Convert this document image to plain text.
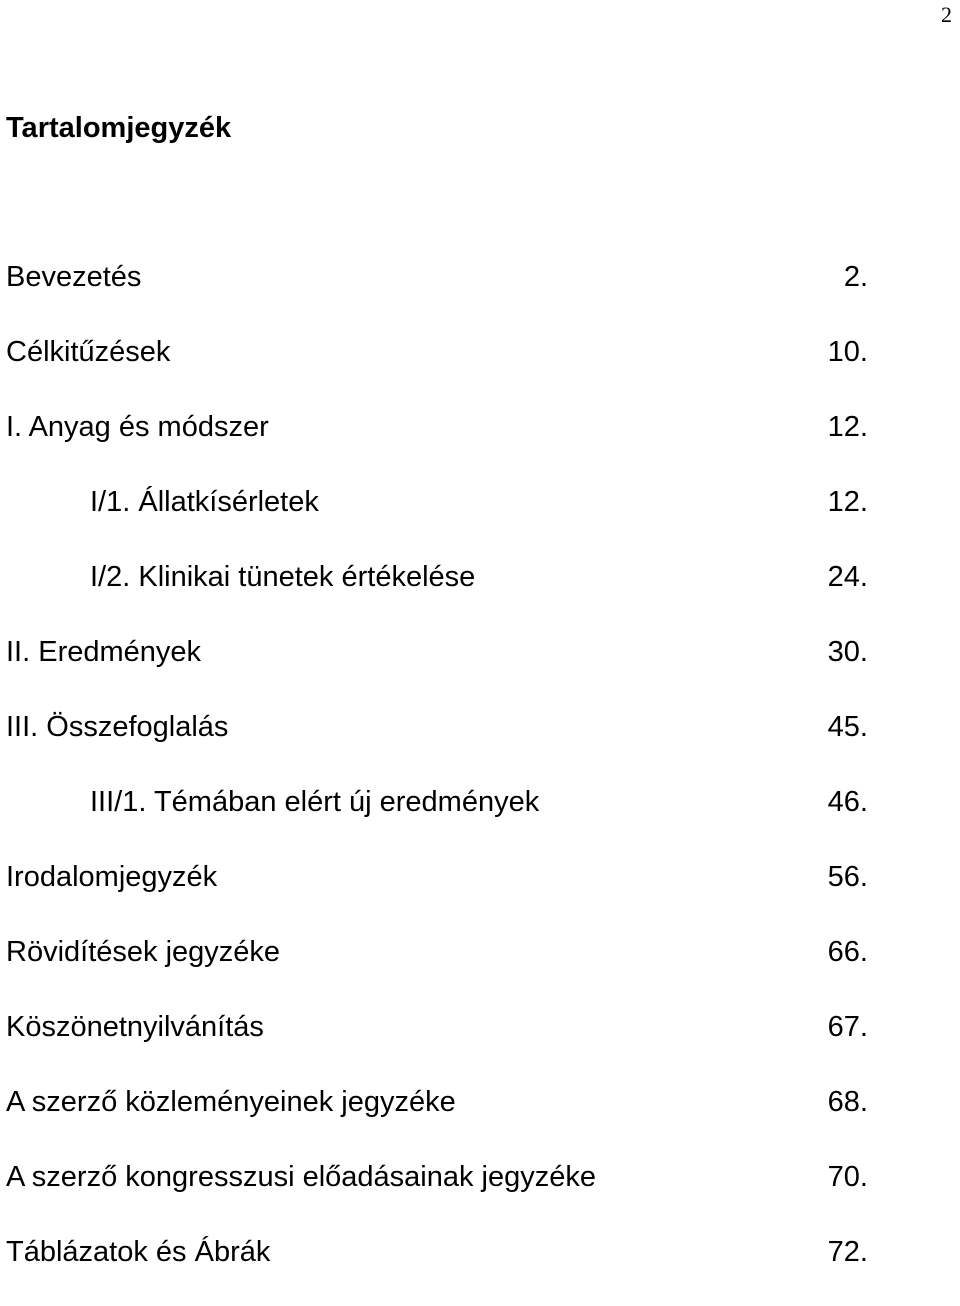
2
Tartalomjegyzék
Bevezetés	2.
Célkitűzések	10.
I. Anyag és módszer	12.
I/1. Állatkísérletek	12.
I/2. Klinikai tünetek értékelése	24.
II. Eredmények	30.
III. Összefoglalás	45.
III/1. Témában elért új eredmények	46.
Irodalomjegyzék	56.
Rövidítések jegyzéke	66.
Köszönetnyilvánítás	67.
A szerző közleményeinek jegyzéke	68.
A szerző kongresszusi előadásainak jegyzéke	70.
Táblázatok és Ábrák	72.
